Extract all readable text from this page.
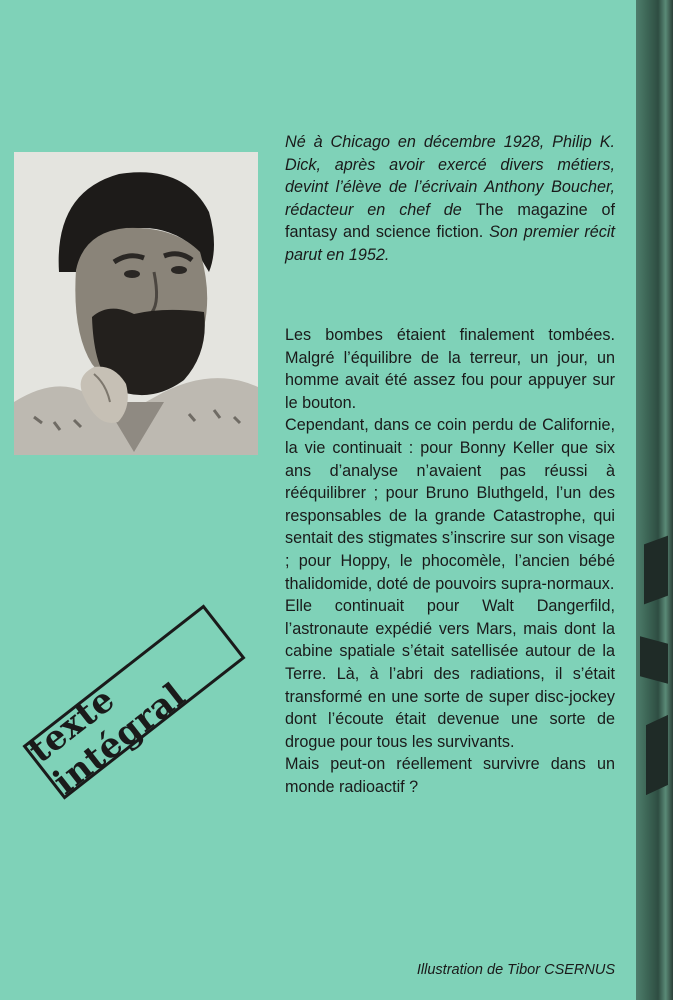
Né à Chicago en décembre 1928, Philip K. Dick, après avoir exercé divers métiers, devint l’élève de l’écrivain Anthony Boucher, rédacteur en chef de The magazine of fantasy and science fiction. Son premier récit parut en 1952.

Les bombes étaient finalement tombées. Malgré l’équilibre de la terreur, un jour, un homme avait été assez fou pour appuyer sur le bouton.

Cependant, dans ce coin perdu de Californie, la vie continuait : pour Bonny Keller que six ans d’analyse n’avaient pas réussi à rééquilibrer ; pour Bruno Bluthgeld, l’un des responsables de la grande Catastrophe, qui sentait des stigmates s’inscrire sur son visage ; pour Hoppy, le phocomèle, l’ancien bébé thalidomide, doté de pouvoirs supra-normaux.

Elle continuait pour Walt Dangerfild, l’astronaute expédié vers Mars, mais dont la cabine spatiale s’était satellisée autour de la Terre. Là, à l’abri des radiations, il s’était transformé en une sorte de super disc-jockey dont l’écoute était devenue une sorte de drogue pour tous les survivants.

Mais peut-on réellement survivre dans un monde radioactif ?

texte intégral
Illustration de Tibor CSERNUS
